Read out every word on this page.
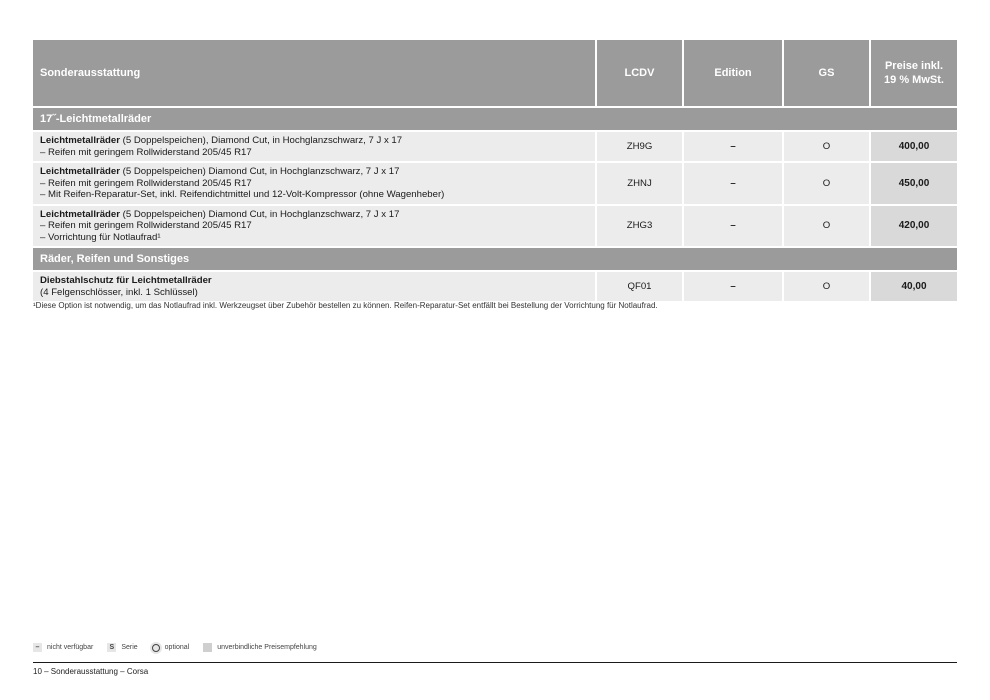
Sonderausstattung	LCDV	Edition	GS	Preise inkl.
19 % MwSt.

17˝-Leichtmetallräder				

Leichtmetallräder (5 Doppelspeichen), Diamond Cut, in Hochglanzschwarz, 7 J x 17
– Reifen mit geringem Rollwiderstand 205/45 R17	ZH9G	–	O	400,00

Leichtmetallräder (5 Doppelspeichen) Diamond Cut, in Hochglanzschwarz, 7 J x 17
– Reifen mit geringem Rollwiderstand 205/45 R17
– Mit Reifen-Reparatur-Set, inkl. Reifendichtmittel und 12-Volt-Kompressor (ohne Wagenheber)	ZHNJ	–	O	450,00

Leichtmetallräder (5 Doppelspeichen) Diamond Cut, in Hochglanzschwarz, 7 J x 17
– Reifen mit geringem Rollwiderstand 205/45 R17
– Vorrichtung für Notlaufrad¹	ZHG3	–	O	420,00
Räder, Reifen und Sonstiges				

Diebstahlschutz für Leichtmetallräder
(4 Felgenschlösser, inkl. 1 Schlüssel)	QF01	–	O	40,00
¹Diese Option ist notwendig, um das Notlaufrad inkl. Werkzeugset über Zubehör bestellen zu können. Reifen-Reparatur-Set entfällt bei Bestellung der Vorrichtung für Notlaufrad.
–	nicht verfügbar	S	Serie	optional	unverbindliche Preisempfehlung
10 – Sonderausstattung – Corsa
